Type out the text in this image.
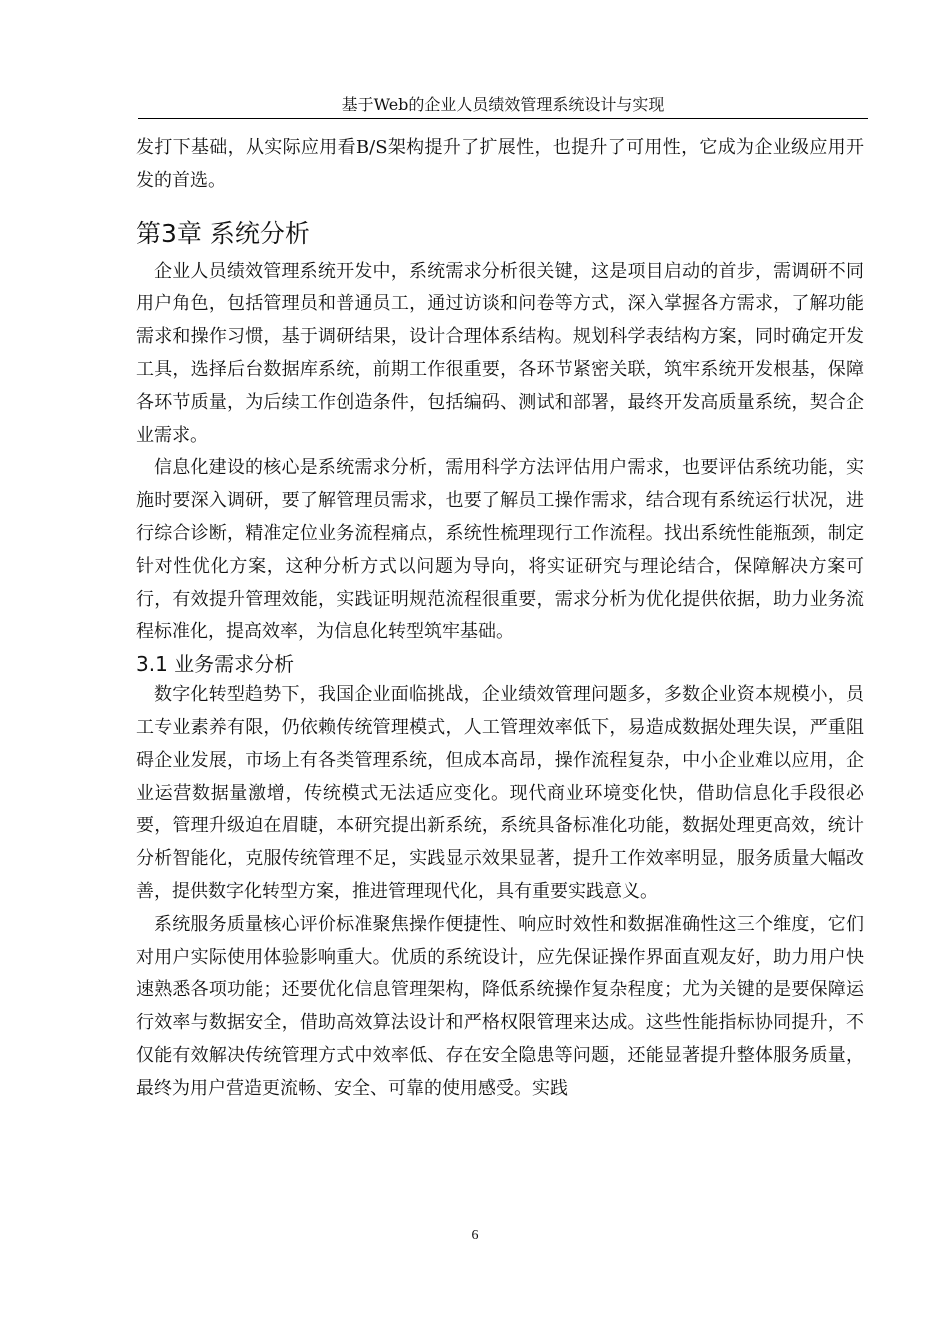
基于Web的企业人员绩效管理系统设计与实现

发打下基础，从实际应用看B/S架构提升了扩展性，也提升了可用性，它成为企业级应用开发的首选。

第3章 系统分析

企业人员绩效管理系统开发中，系统需求分析很关键，这是项目启动的首步，需调研不同用户角色，包括管理员和普通员工，通过访谈和问卷等方式，深入掌握各方需求，了解功能需求和操作习惯，基于调研结果，设计合理体系结构。规划科学表结构方案，同时确定开发工具，选择后台数据库系统，前期工作很重要，各环节紧密关联，筑牢系统开发根基，保障各环节质量，为后续工作创造条件，包括编码、测试和部署，最终开发高质量系统，契合企业需求。

信息化建设的核心是系统需求分析，需用科学方法评估用户需求，也要评估系统功能，实施时要深入调研，要了解管理员需求，也要了解员工操作需求，结合现有系统运行状况，进行综合诊断，精准定位业务流程痛点，系统性梳理现行工作流程。找出系统性能瓶颈，制定针对性优化方案，这种分析方式以问题为导向，将实证研究与理论结合，保障解决方案可行，有效提升管理效能，实践证明规范流程很重要，需求分析为优化提供依据，助力业务流程标准化，提高效率，为信息化转型筑牢基础。

3.1 业务需求分析

数字化转型趋势下，我国企业面临挑战，企业绩效管理问题多，多数企业资本规模小，员工专业素养有限，仍依赖传统管理模式，人工管理效率低下，易造成数据处理失误，严重阻碍企业发展，市场上有各类管理系统，但成本高昂，操作流程复杂，中小企业难以应用，企业运营数据量激增，传统模式无法适应变化。现代商业环境变化快，借助信息化手段很必要，管理升级迫在眉睫，本研究提出新系统，系统具备标准化功能，数据处理更高效，统计分析智能化，克服传统管理不足，实践显示效果显著，提升工作效率明显，服务质量大幅改善，提供数字化转型方案，推进管理现代化，具有重要实践意义。

系统服务质量核心评价标准聚焦操作便捷性、响应时效性和数据准确性这三个维度，它们对用户实际使用体验影响重大。优质的系统设计，应先保证操作界面直观友好，助力用户快速熟悉各项功能；还要优化信息管理架构，降低系统操作复杂程度；尤为关键的是要保障运行效率与数据安全，借助高效算法设计和严格权限管理来达成。这些性能指标协同提升，不仅能有效解决传统管理方式中效率低、存在安全隐患等问题，还能显著提升整体服务质量，最终为用户营造更流畅、安全、可靠的使用感受。实践

6
